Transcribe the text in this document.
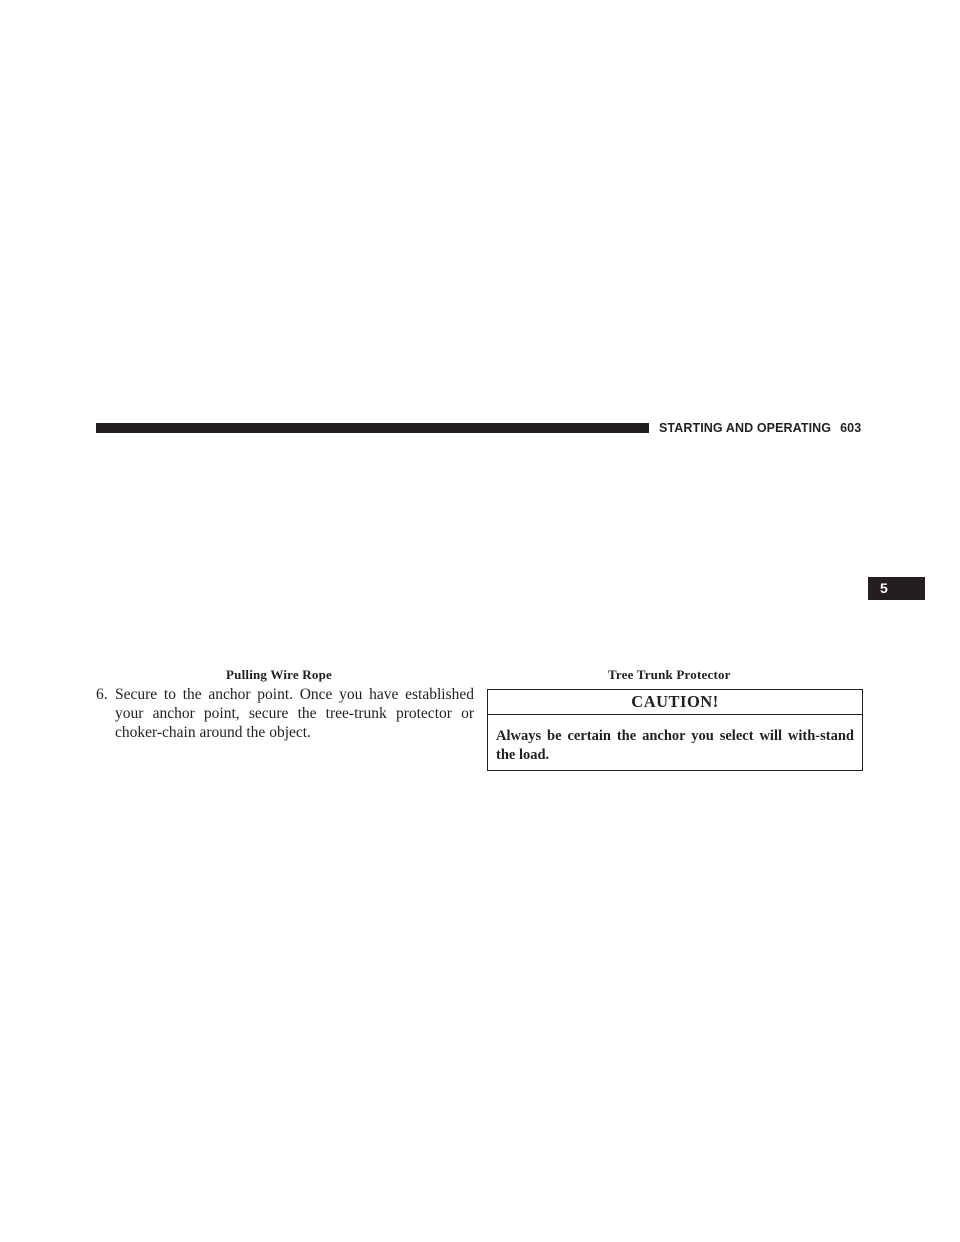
STARTING AND OPERATING 603
5
Pulling Wire Rope	Tree Trunk Protector
6. Secure to the anchor point. Once you have established your anchor point, secure the tree-trunk protector or choker-chain around the object.
CAUTION!
Always be certain the anchor you select will with-stand the load.
